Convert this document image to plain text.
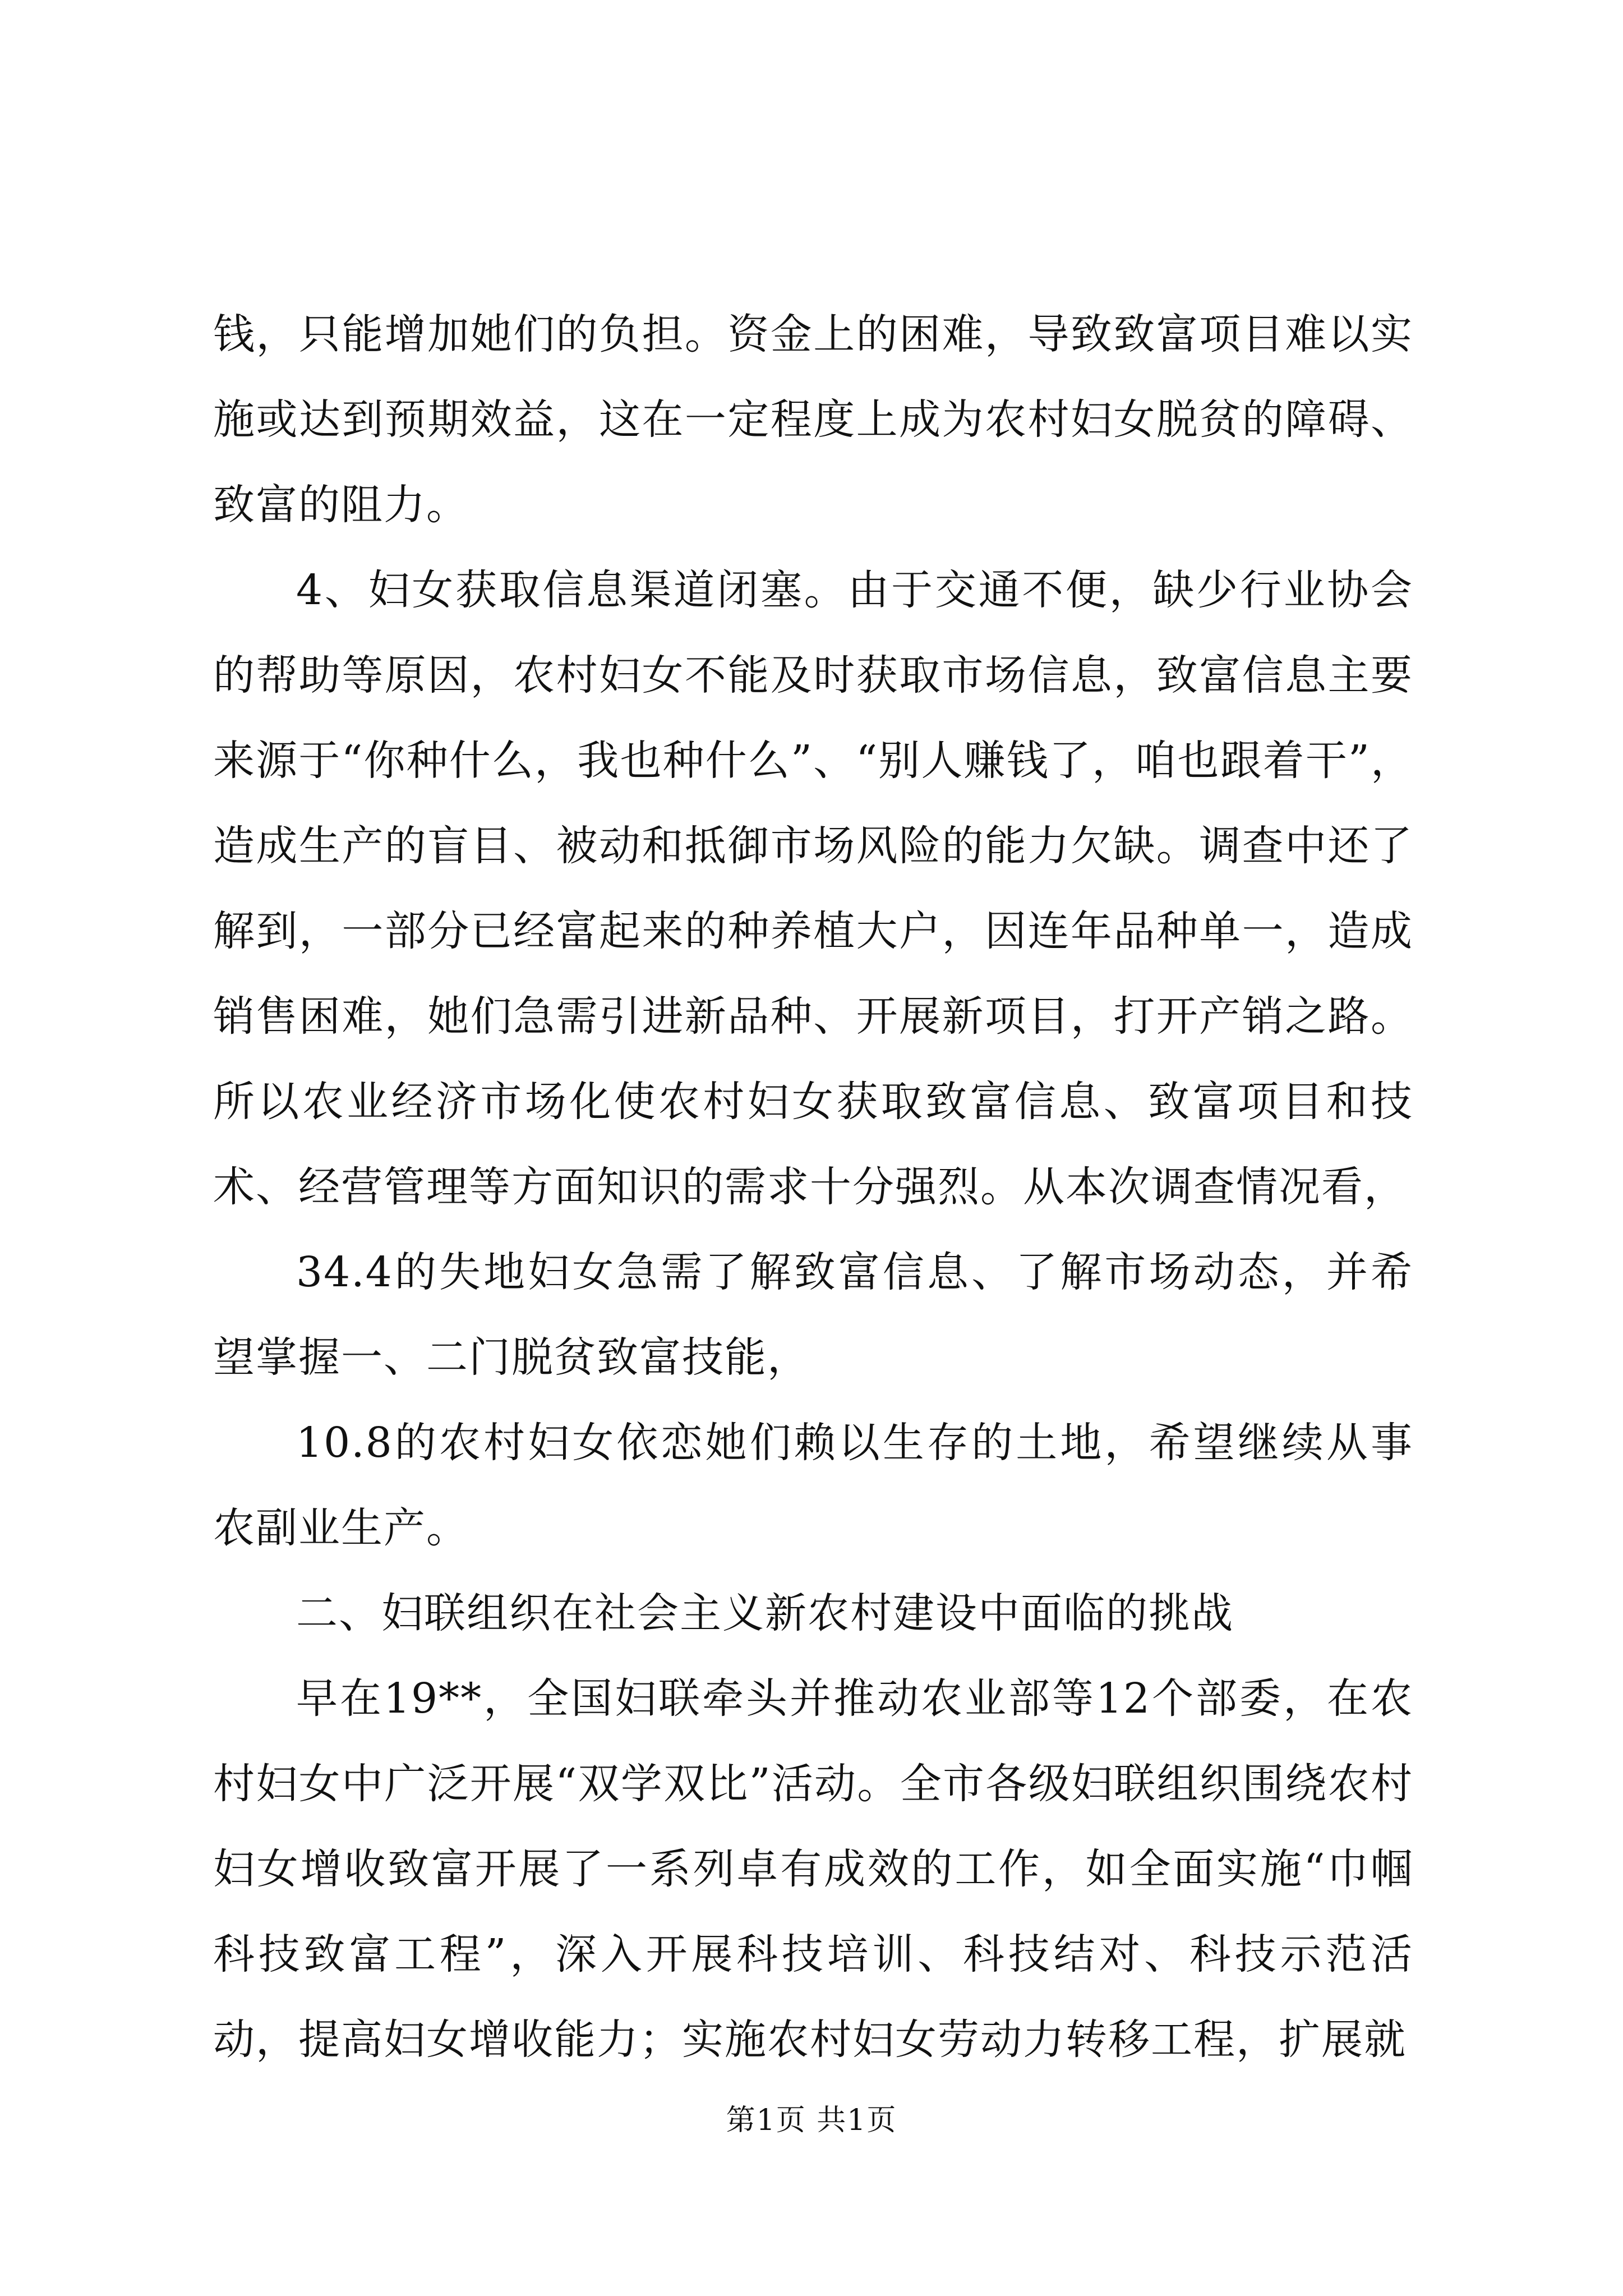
钱，只能增加她们的负担。资金上的困难，导致致富项目难以实施或达到预期效益，这在一定程度上成为农村妇女脱贫的障碍、致富的阻力。

4、妇女获取信息渠道闭塞。由于交通不便，缺少行业协会的帮助等原因，农村妇女不能及时获取市场信息，致富信息主要来源于“你种什么，我也种什么”、“别人赚钱了，咱也跟着干”，造成生产的盲目、被动和抵御市场风险的能力欠缺。调查中还了解到，一部分已经富起来的种养植大户，因连年品种单一，造成销售困难，她们急需引进新品种、开展新项目，打开产销之路。所以农业经济市场化使农村妇女获取致富信息、致富项目和技术、经营管理等方面知识的需求十分强烈。从本次调查情况看，

34.4的失地妇女急需了解致富信息、了解市场动态，并希望掌握一、二门脱贫致富技能，

10.8的农村妇女依恋她们赖以生存的土地，希望继续从事农副业生产。

二、妇联组织在社会主义新农村建设中面临的挑战

早在19**，全国妇联牵头并推动农业部等12个部委，在农村妇女中广泛开展“双学双比”活动。全市各级妇联组织围绕农村妇女增收致富开展了一系列卓有成效的工作，如全面实施“巾帼科技致富工程”，深入开展科技培训、科技结对、科技示范活动，提高妇女增收能力；实施农村妇女劳动力转移工程，扩展就

第1页 共1页
